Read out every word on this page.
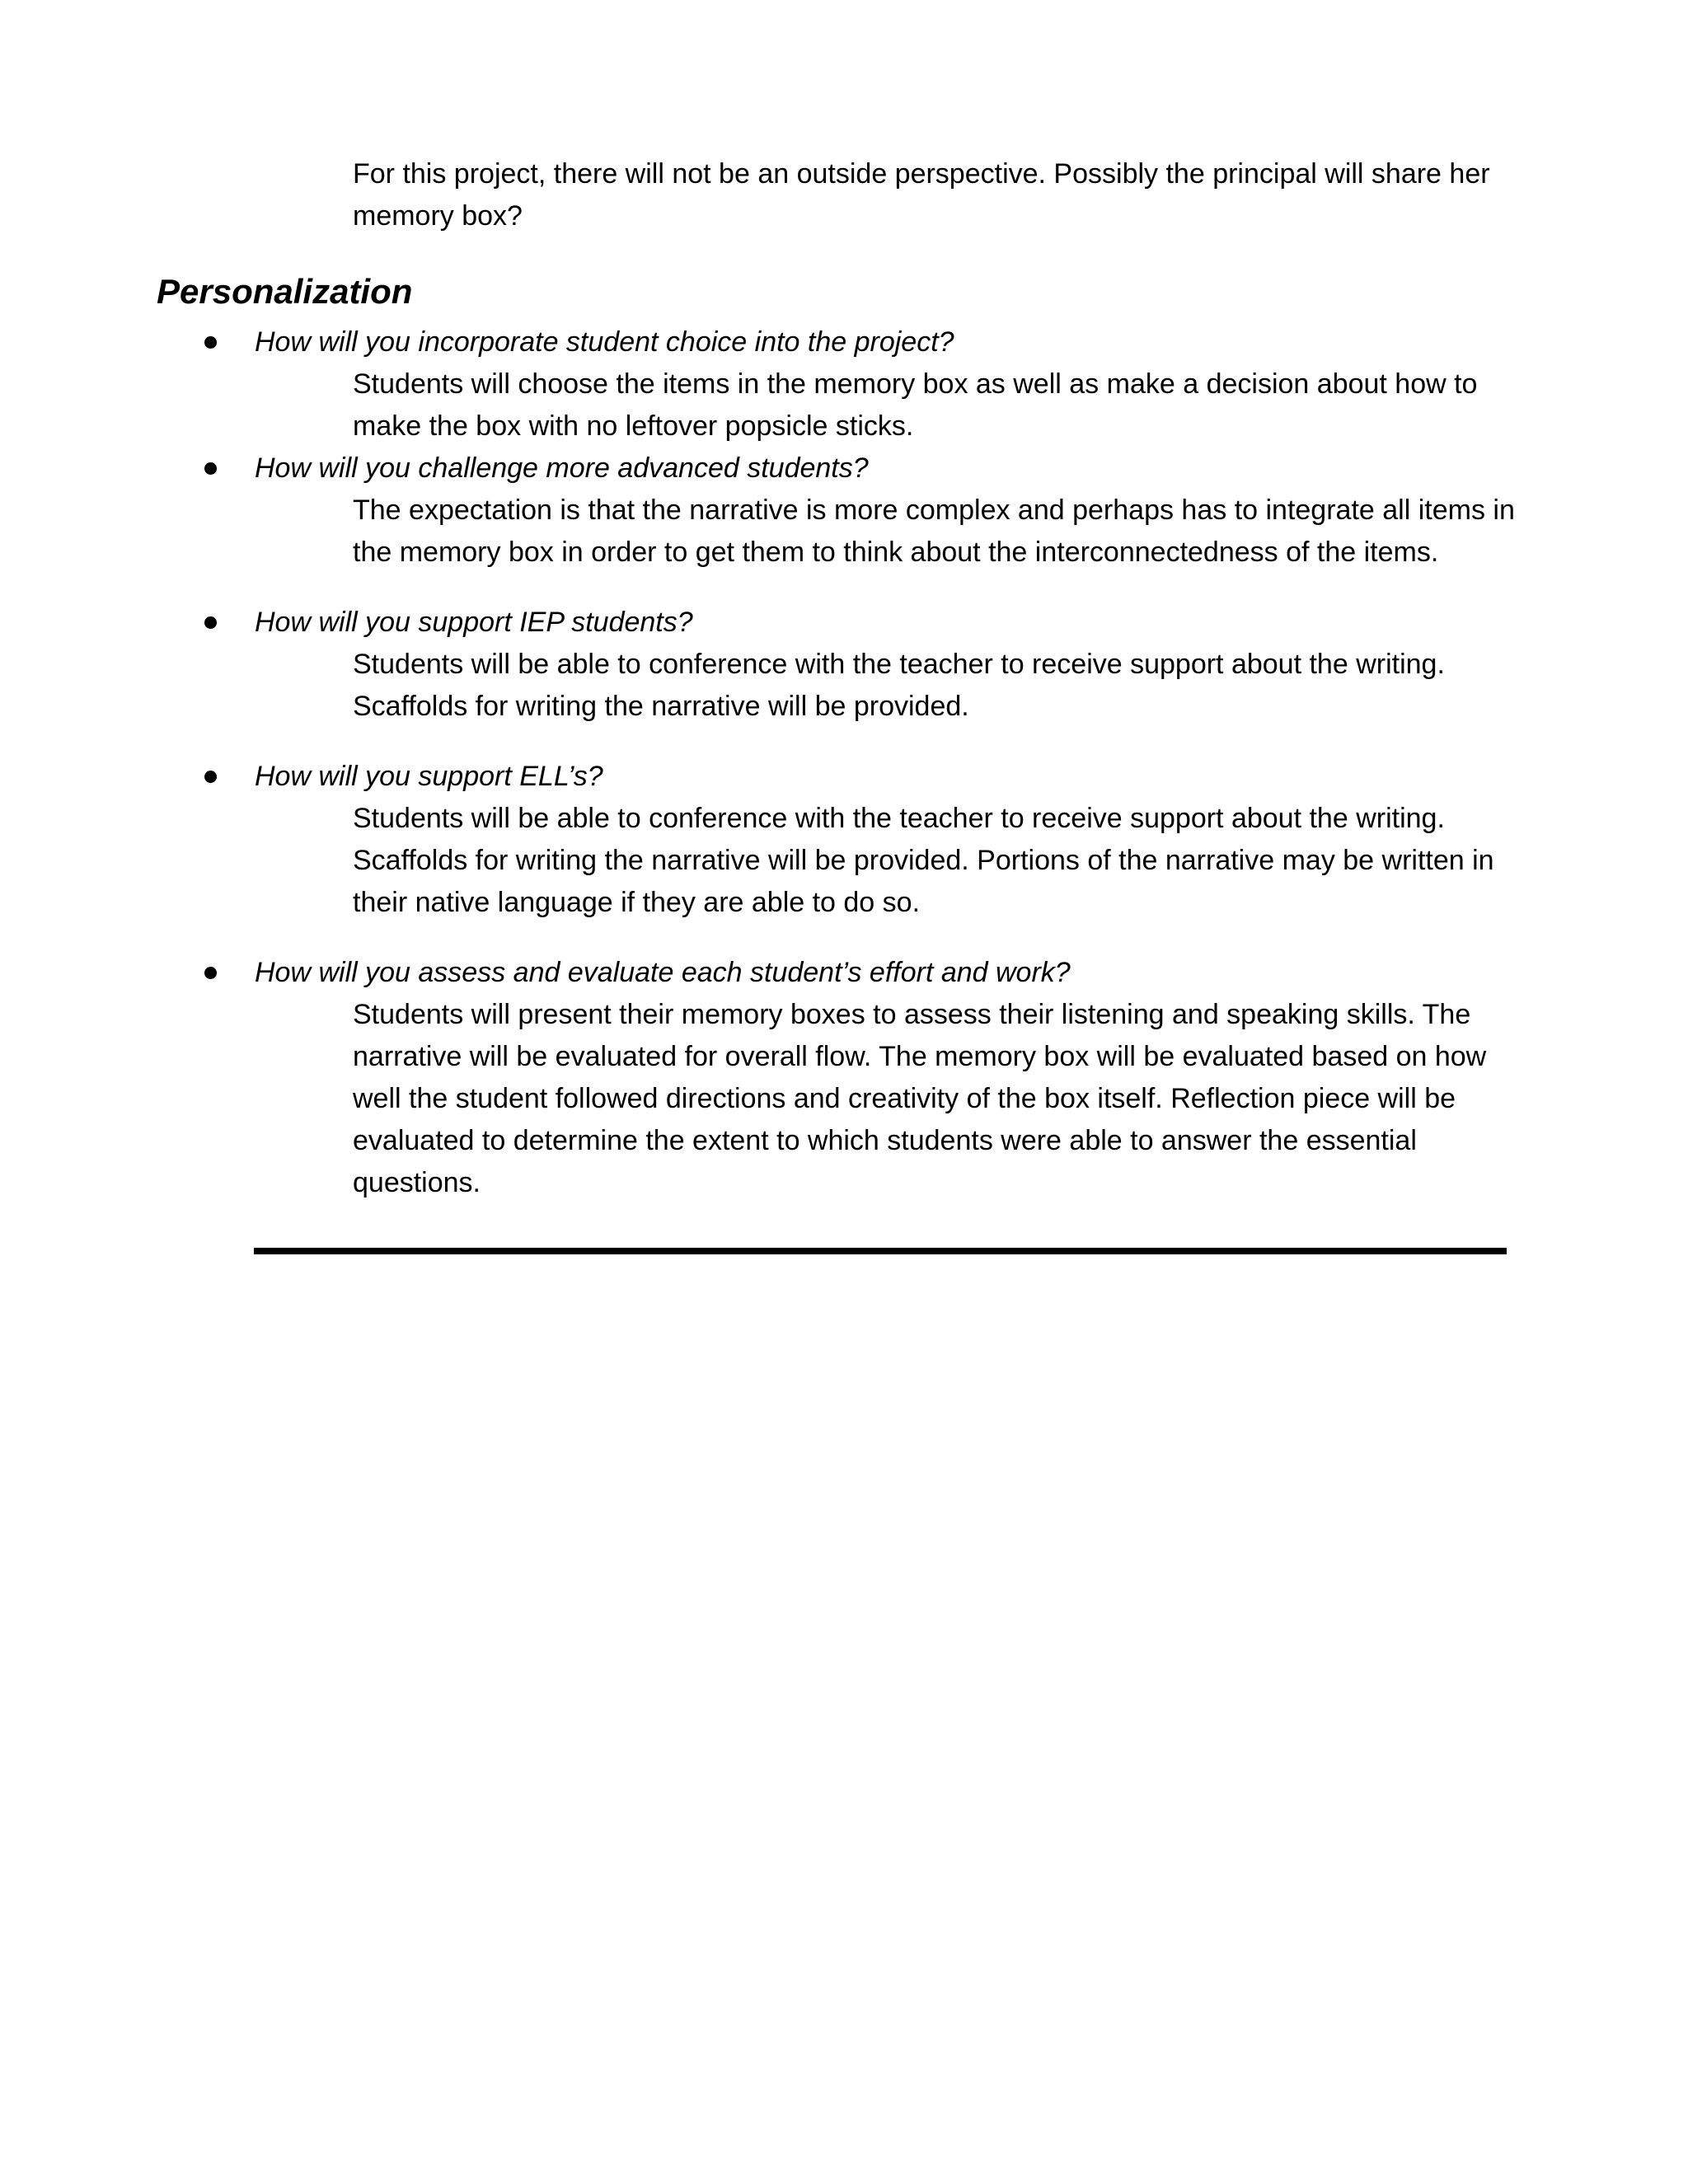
For this project, there will not be an outside perspective. Possibly the principal will share her memory box?

Personalization
How will you incorporate student choice into the project?
Students will choose the items in the memory box as well as make a decision about how to make the box with no leftover popsicle sticks.
How will you challenge more advanced students?
The expectation is that the narrative is more complex and perhaps has to integrate all items in the memory box in order to get them to think about the interconnectedness of the items.
How will you support IEP students?
Students will be able to conference with the teacher to receive support about the writing. Scaffolds for writing the narrative will be provided.
How will you support ELL’s?
Students will be able to conference with the teacher to receive support about the writing. Scaffolds for writing the narrative will be provided. Portions of the narrative may be written in their native language if they are able to do so.
How will you assess and evaluate each student’s effort and work?
Students will present their memory boxes to assess their listening and speaking skills. The narrative will be evaluated for overall flow. The memory box will be evaluated based on how well the student followed directions and creativity of the box itself. Reflection piece will be evaluated to determine the extent to which students were able to answer the essential questions.
